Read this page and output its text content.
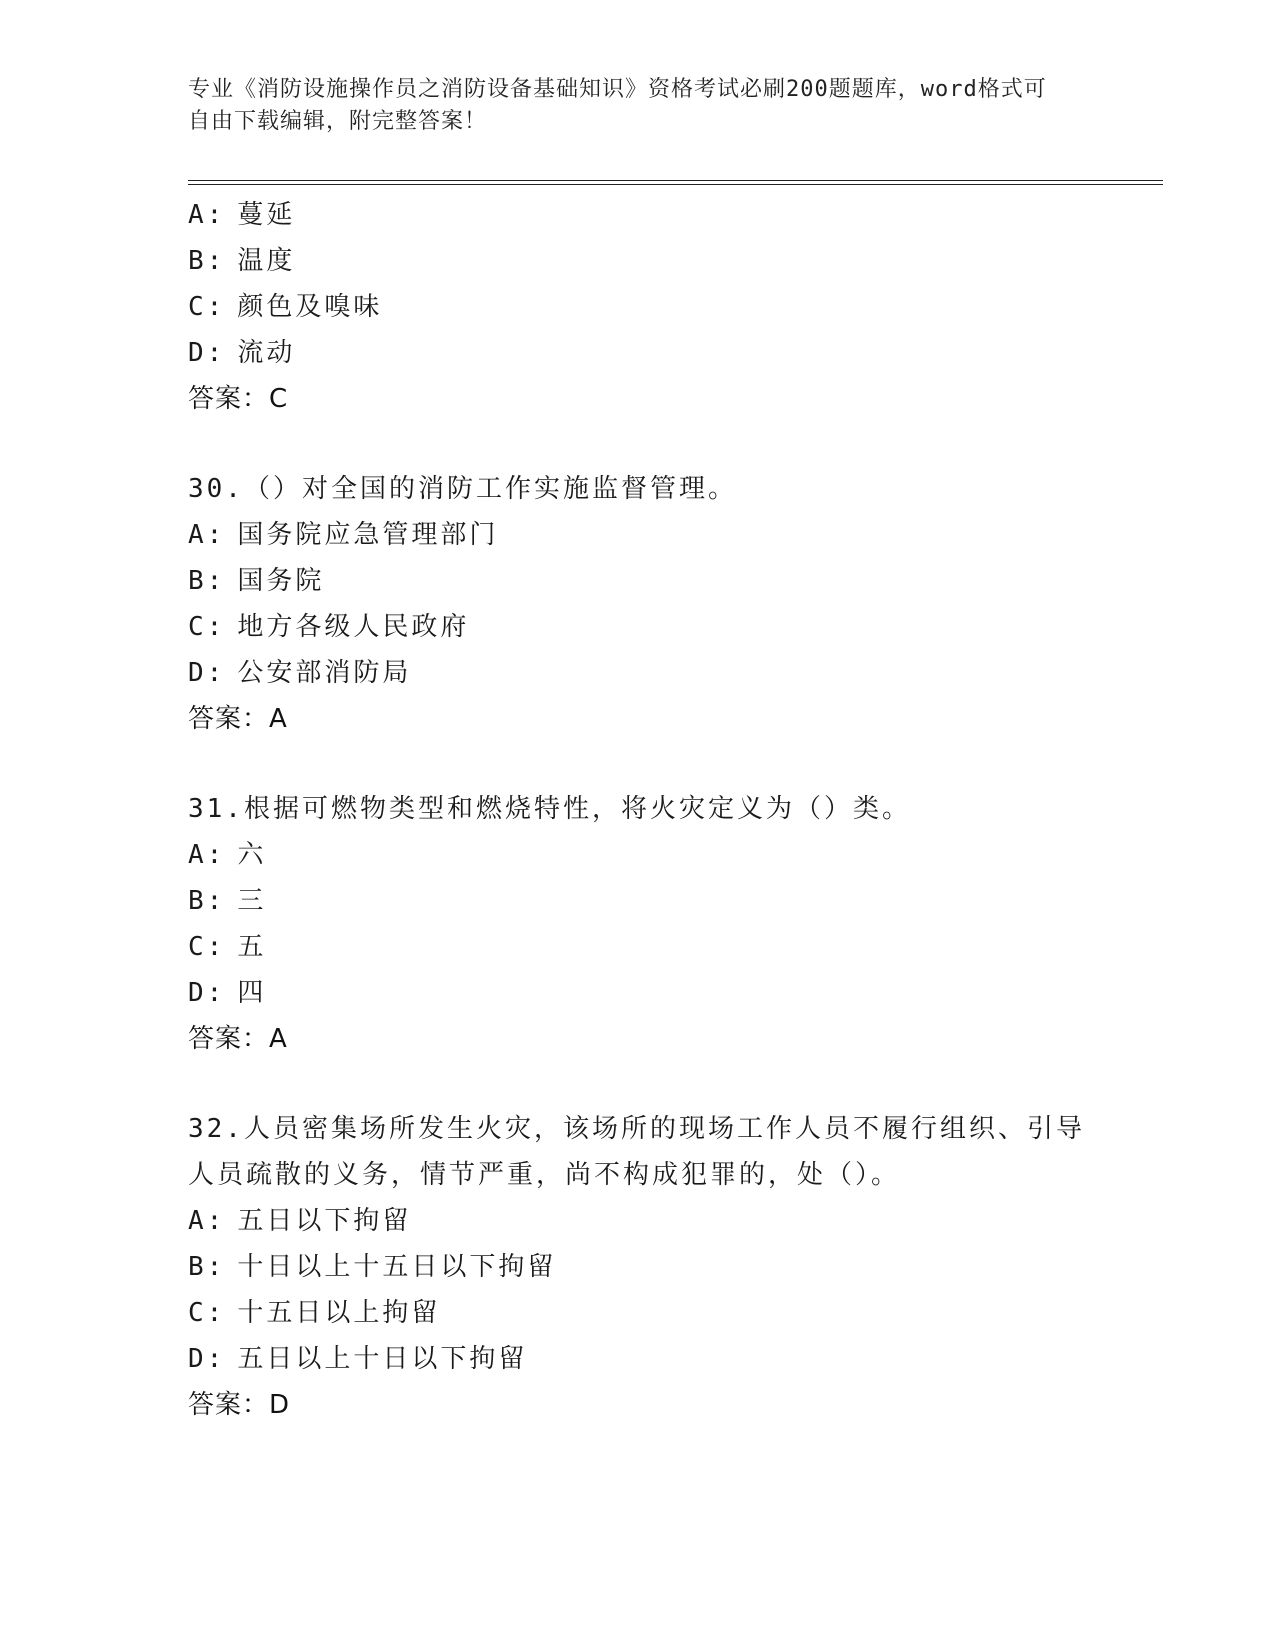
专业《消防设施操作员之消防设备基础知识》资格考试必刷200题题库，word格式可自由下载编辑，附完整答案！
A: 蔓延
B: 温度
C: 颜色及嗅味
D: 流动
答案：C
30.（）对全国的消防工作实施监督管理。
A: 国务院应急管理部门
B: 国务院
C: 地方各级人民政府
D: 公安部消防局
答案：A
31.根据可燃物类型和燃烧特性，将火灾定义为（）类。
A: 六
B: 三
C: 五
D: 四
答案：A
32.人员密集场所发生火灾，该场所的现场工作人员不履行组织、引导人员疏散的义务，情节严重，尚不构成犯罪的，处（）。
A: 五日以下拘留
B: 十日以上十五日以下拘留
C: 十五日以上拘留
D: 五日以上十日以下拘留
答案：D
